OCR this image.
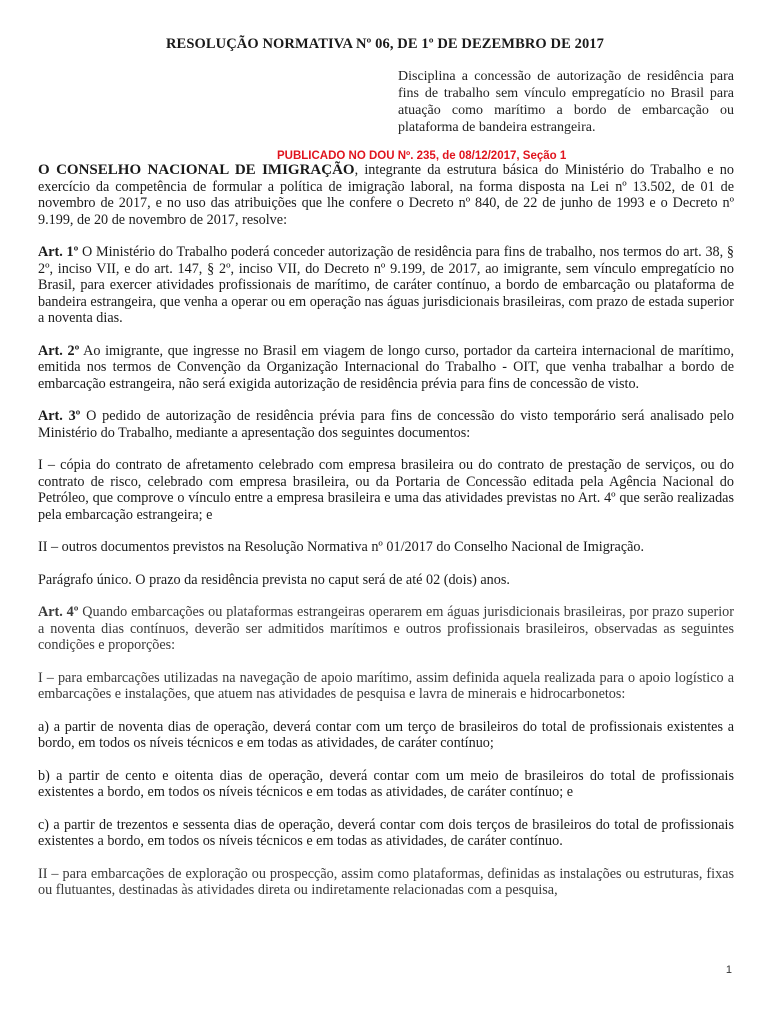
RESOLUÇÃO NORMATIVA Nº 06, DE 1º DE DEZEMBRO DE 2017
Disciplina a concessão de autorização de residência para fins de trabalho sem vínculo empregatício no Brasil para atuação como marítimo a bordo de embarcação ou plataforma de bandeira estrangeira.
PUBLICADO NO DOU Nº. 235, de 08/12/2017, Seção 1

O CONSELHO NACIONAL DE IMIGRAÇÃO, integrante da estrutura básica do Ministério do Trabalho e no exercício da competência de formular a política de imigração laboral, na forma disposta na Lei nº 13.502, de 01 de novembro de 2017, e no uso das atribuições que lhe confere o Decreto nº 840, de 22 de junho de 1993 e o Decreto nº 9.199, de 20 de novembro de 2017, resolve:

Art. 1º O Ministério do Trabalho poderá conceder autorização de residência para fins de trabalho, nos termos do art. 38, § 2º, inciso VII, e do art. 147, § 2º, inciso VII, do Decreto nº 9.199, de 2017, ao imigrante, sem vínculo empregatício no Brasil, para exercer atividades profissionais de marítimo, de caráter contínuo, a bordo de embarcação ou plataforma de bandeira estrangeira, que venha a operar ou em operação nas águas jurisdicionais brasileiras, com prazo de estada superior a noventa dias.

Art. 2º Ao imigrante, que ingresse no Brasil em viagem de longo curso, portador da carteira internacional de marítimo, emitida nos termos de Convenção da Organização Internacional do Trabalho - OIT, que venha trabalhar a bordo de embarcação estrangeira, não será exigida autorização de residência prévia para fins de concessão de visto.

Art. 3º O pedido de autorização de residência prévia para fins de concessão do visto temporário será analisado pelo Ministério do Trabalho, mediante a apresentação dos seguintes documentos:

I – cópia do contrato de afretamento celebrado com empresa brasileira ou do contrato de prestação de serviços, ou do contrato de risco, celebrado com empresa brasileira, ou da Portaria de Concessão editada pela Agência Nacional do Petróleo, que comprove o vínculo entre a empresa brasileira e uma das atividades previstas no Art. 4º que serão realizadas pela embarcação estrangeira; e

II – outros documentos previstos na Resolução Normativa nº 01/2017 do Conselho Nacional de Imigração.

Parágrafo único. O prazo da residência prevista no caput será de até 02 (dois) anos.

Art. 4º Quando embarcações ou plataformas estrangeiras operarem em águas jurisdicionais brasileiras, por prazo superior a noventa dias contínuos, deverão ser admitidos marítimos e outros profissionais brasileiros, observadas as seguintes condições e proporções:

I – para embarcações utilizadas na navegação de apoio marítimo, assim definida aquela realizada para o apoio logístico a embarcações e instalações, que atuem nas atividades de pesquisa e lavra de minerais e hidrocarbonetos:

a) a partir de noventa dias de operação, deverá contar com um terço de brasileiros do total de profissionais existentes a bordo, em todos os níveis técnicos e em todas as atividades, de caráter contínuo;

b) a partir de cento e oitenta dias de operação, deverá contar com um meio de brasileiros do total de profissionais existentes a bordo, em todos os níveis técnicos e em todas as atividades, de caráter contínuo; e

c) a partir de trezentos e sessenta dias de operação, deverá contar com dois terços de brasileiros do total de profissionais existentes a bordo, em todos os níveis técnicos e em todas as atividades, de caráter contínuo.

II – para embarcações de exploração ou prospecção, assim como plataformas, definidas as instalações ou estruturas, fixas ou flutuantes, destinadas às atividades direta ou indiretamente relacionadas com a pesquisa,

1
